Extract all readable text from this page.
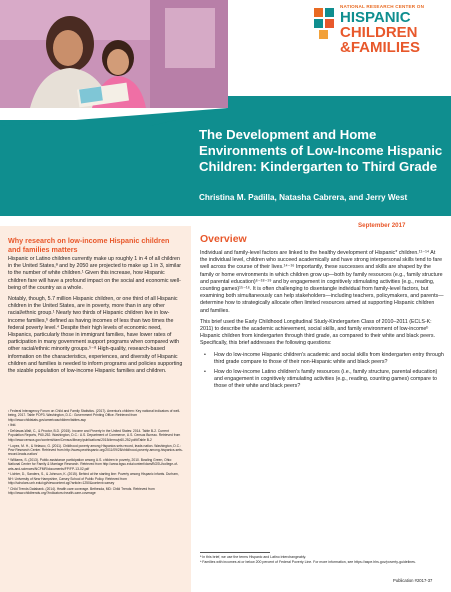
NATIONAL RESEARCH CENTER ON
HISPANIC
CHILDREN
&FAMILIES
The Development and Home Environments of Low-Income Hispanic Children: Kindergarten to Third Grade
Christina M. Padilla, Natasha Cabrera, and Jerry West
September 2017
Why research on low-income Hispanic children and families matters

Hispanic or Latino children currently make up roughly 1 in 4 of all children in the United States,ª and by 2050 are projected to make up 1 in 3, similar to the number of white children.¹ Given this increase, how Hispanic children fare will have a profound impact on the social and economic well-being of the country as a whole.

Notably, though, 5.7 million Hispanic children, or one third of all Hispanic children in the United States, are in poverty, more than in any other racial/ethnic group.¹ Nearly two thirds of Hispanic children live in low-income families,ᵇ defined as having incomes of less than two times the federal poverty level.⁴ Despite their high levels of economic need, Hispanics, particularly those in immigrant families, have lower rates of participation in many government support programs when compared with other racial/ethnic minority groups.⁵⁻⁸ High-quality, research-based information on the characteristics, experiences, and diversity of Hispanic children and families is needed to inform programs and policies supporting the sizable population of low-income Hispanic families and children.

¹ Federal Interagency Forum on Child and Family Statistics. (2017). America's children: Key national indicators of well-being, 2017. Table POP3. Washington, D.C.: Government Printing Office. Retrieved from http://www.childstats.gov/americaschildren/tables.asp

² Ibid.

³ DeNavas-Walt, C., & Proctor, B.D. (2015). Income and Poverty in the United States: 2014. Table B-2. Current Population Reports, P60-252. Washington, D.C.: U.S. Department of Commerce, U.S. Census Bureau. Retrieved from http://www.census.gov/content/dam/Census/library/publications/2015/demo/p60-252.pdf#Table B-2

⁴ Lopez, M. H., & Velasco, G. (2011). Childhood poverty among Hispanics sets record, leads nation. Washington, D.C.: Pew Research Center. Retrieved from http://www.pewhispanic.org/2011/09/28/childhood-poverty-among-hispanics-sets-record-leads-nation/

⁵ Williams, S. (2013). Public assistance participation among U.S. children in poverty, 2010. Bowling Green, Ohio: National Center for Family & Marriage Research. Retrieved from http://www.bgsu.edu/content/dam/BGSU/college-of-arts-and-sciences/NCFMR/documents/FP/FP-13-02.pdf

⁶ Lichter, D., Sanders, S., & Johnson, K. (2015). Behind at the starting line: Poverty among Hispanic infants. Durham, NH: University of New Hampshire, Carsey School of Public Policy. Retrieved from http://scholars.unh.edu/cgi/viewcontent.cgi?article=1250&context=carsey

⁷ Child Trends Databank. (2014). Health care coverage. Bethesda, MD: Child Trends. Retrieved from http://www.childtrends.org/?indicators=health-care-coverage

Overview

Individual and family-level factors are linked to the healthy development of Hispanic* children.¹¹⁻¹⁴ At the individual level, children who succeed academically and have strong interpersonal skills tend to fare well across the course of their lives.¹⁴⁻¹⁶ Importantly, these successes and skills are shaped by the family or home environments in which children grow up—both by family resources (e.g., family structure and parental education)⁶⁻¹⁸⁻¹⁹ and by engagement in cognitively stimulating activities (e.g., reading, counting games)¹⁵⁻¹⁶. It is often challenging to disentangle individual from family-level factors, but examining both simultaneously can help stakeholders—including teachers, policymakers, and parents—determine how to strategically allocate often limited resources aimed at supporting Hispanic children and families.

This brief used the Early Childhood Longitudinal Study-Kindergarten Class of 2010–2011 (ECLS-K: 2011) to describe the academic achievement, social skills, and family environment of low-incomeᵇ Hispanic children from kindergarten through third grade, as compared to their white and black peers. Specifically, this brief addresses the following questions:

• How do low-income Hispanic children's academic and social skills from kindergarten entry through third grade compare to those of their non-Hispanic white and black peers?
• How do low-income Latino children's family resources (i.e., family structure, parental education) and engagement in cognitively stimulating activities (e.g., reading, counting games) compare to those of their white and black peers?

ª In this brief, we use the terms Hispanic and Latino interchangeably.

ᵇ Families with incomes at or below 200 percent of Federal Poverty Line. For more information, see https://aspe.hhs.gov/poverty-guidelines.

Publication #2017-37
